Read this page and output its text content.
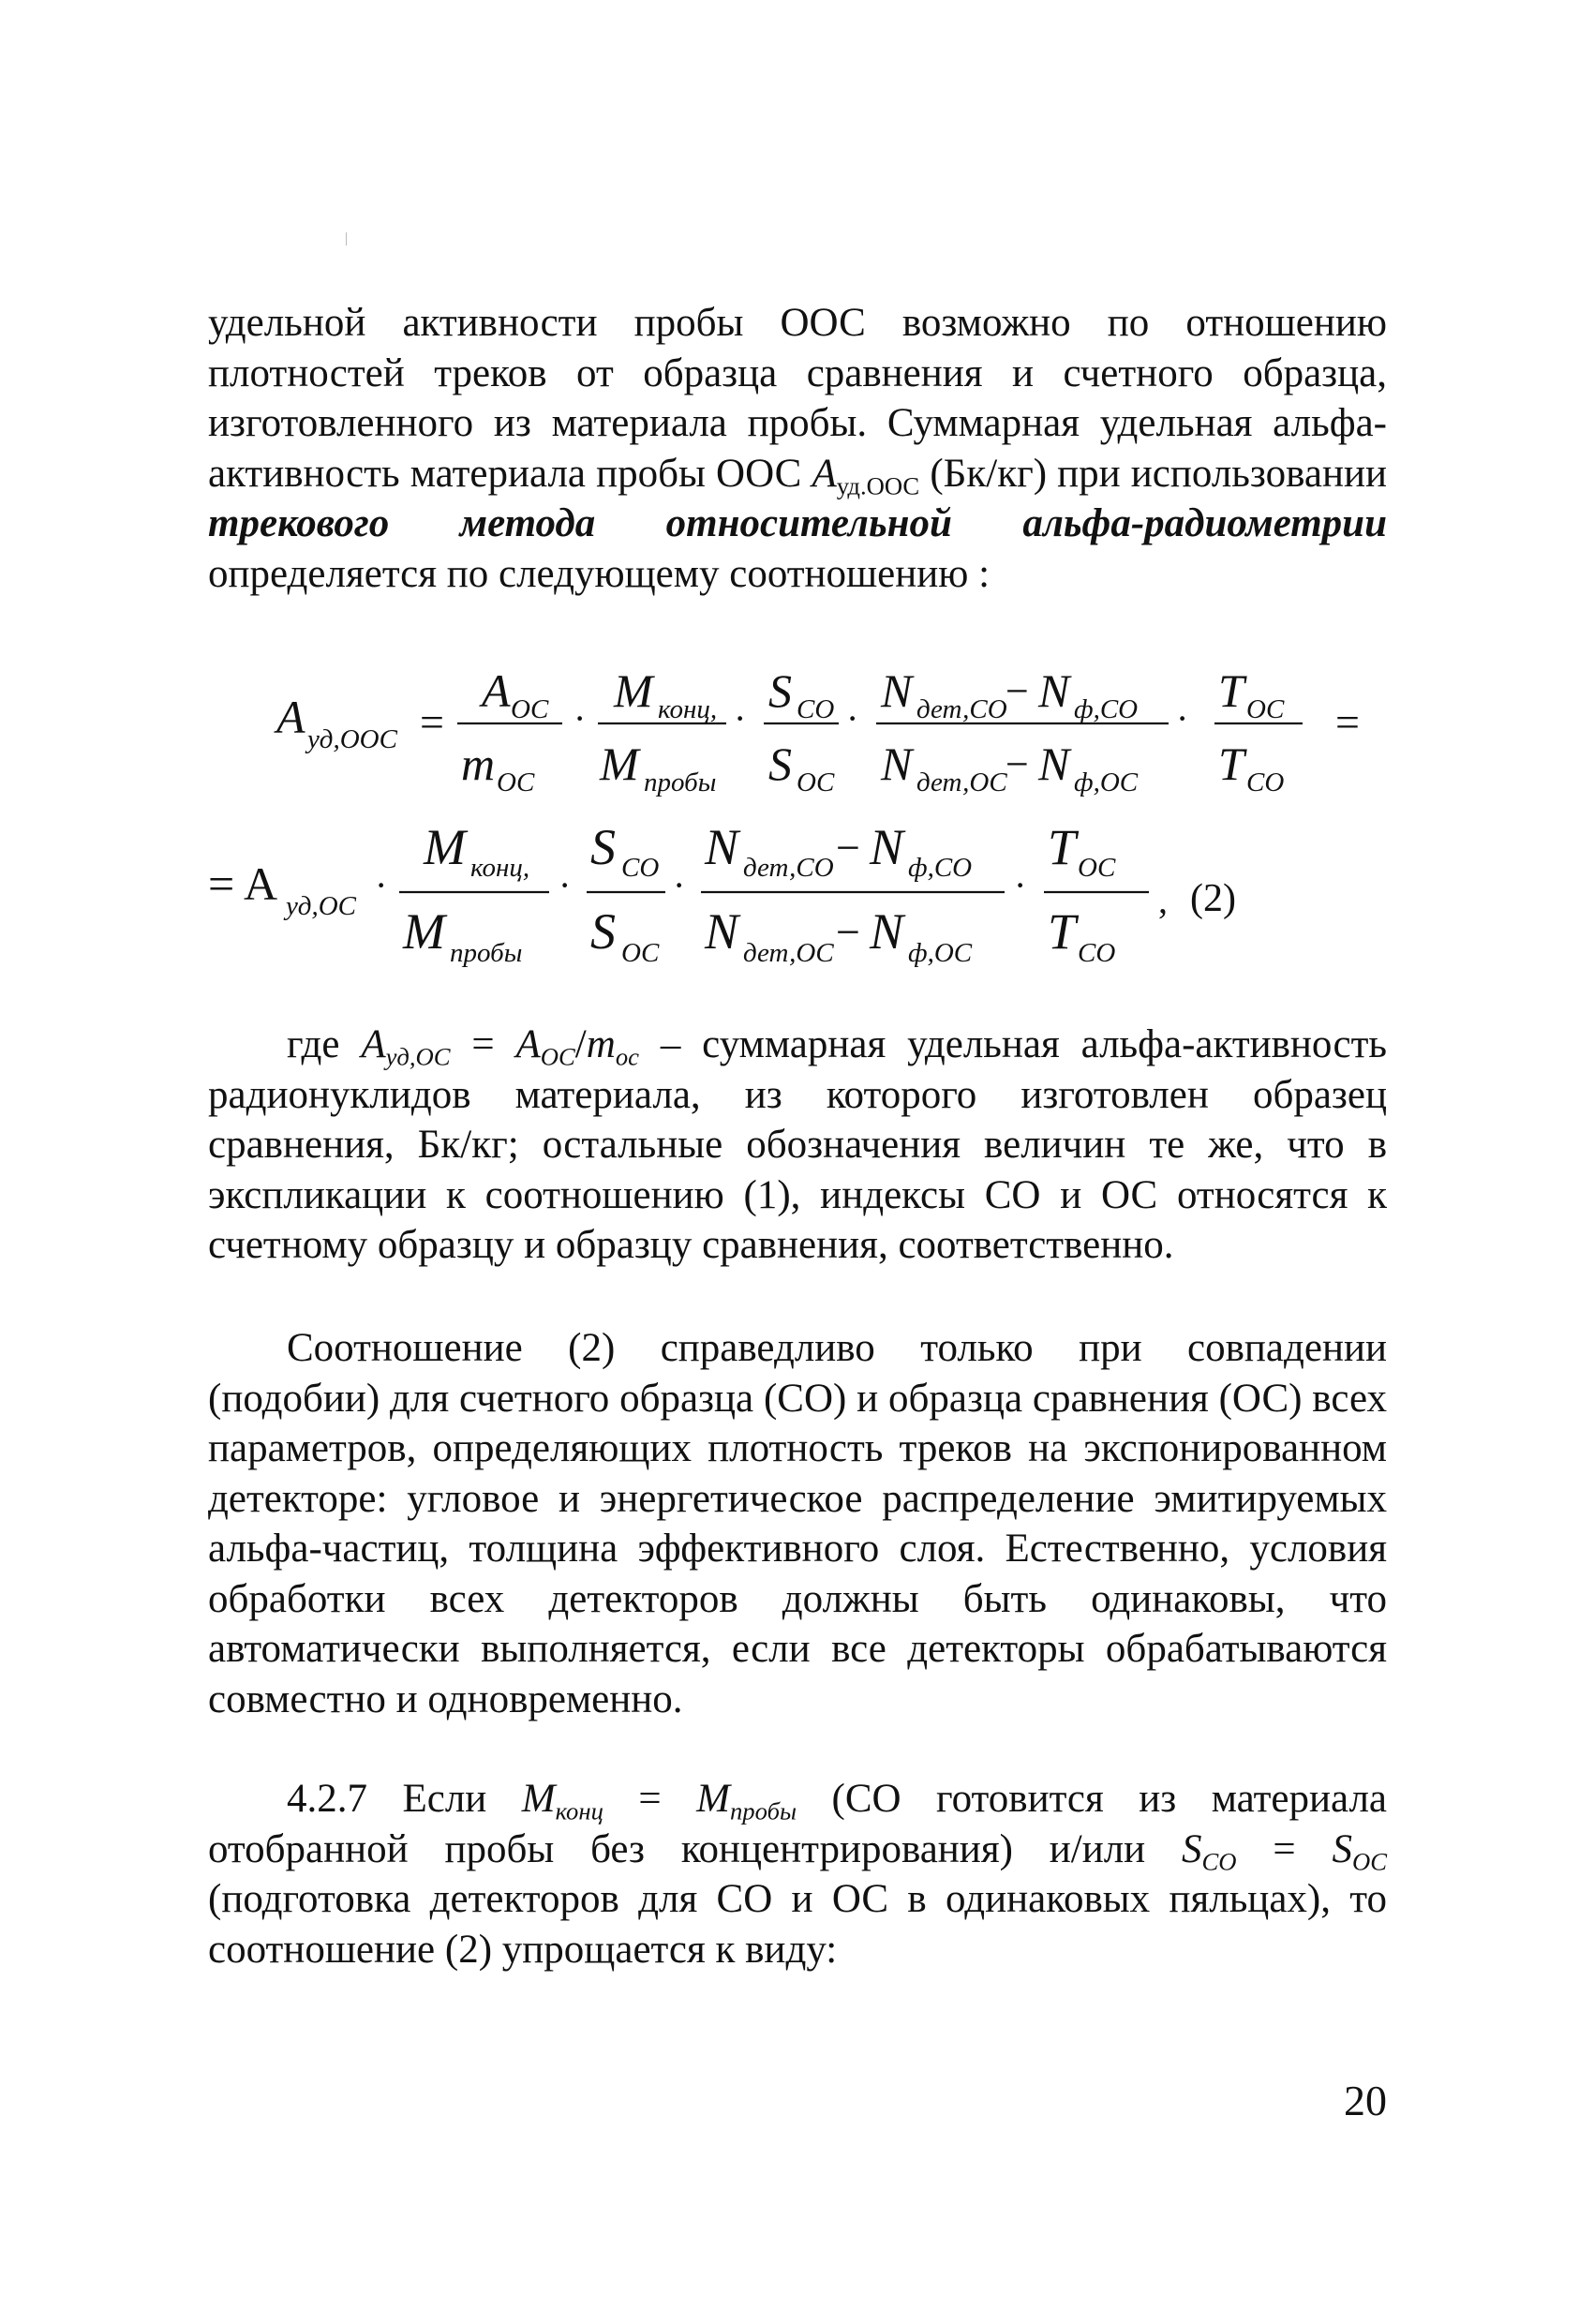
удельной активности пробы ООС возможно по отношению плотностей треков от образца сравнения и счетного образца, изготовленного из материала пробы. Суммарная удельная альфа-активность материала пробы ООС $A_{уд.ООС}$ (Бк/кг) при использовании трекового метода относительной альфа-радиометрии определяется по следующему соотношению :

A уд,ООС =
A ОС
m ОС
·
M конц,
M пробы
·
S СО
S ОС
·
N дет,СО
− N ф,СО
N дет,ОС
− N ф,ОС
·
T ОС
T СО
=
= A уд,ОС ·
M конц,
M пробы
·
S СО
S ОС
·
N дет,СО − N ф,СО
N дет,ОС − N ф,ОС
·
T ОС
T СО
, (2)

где $A_{уд,ОС} = A_{ОС}/m_{ос}$ – суммарная удельная альфа-активность радионуклидов материала, из которого изготовлен образец сравнения, Бк/кг; остальные обозначения величин те же, что в экспликации к соотношению (1), индексы СО и ОС относятся к счетному образцу и образцу сравнения, соответственно.

Соотношение (2) справедливо только при совпадении (подобии) для счетного образца (СО) и образца сравнения (ОС) всех параметров, определяющих плотность треков на экспонированном детекторе: угловое и энергетическое распределение эмитируемых альфа-частиц, толщина эффективного слоя. Естественно, условия обработки всех детекторов должны быть одинаковы, что автоматически выполняется, если все детекторы обрабатываются совместно и одновременно.

4.2.7 Если $M_{конц} = M_{пробы}$ (СО готовится из материала отобранной пробы без концентрирования) и/или $S_{СО} = S_{ОС}$ (подготовка детекторов для СО и ОС в одинаковых пяльцах), то соотношение (2) упрощается к виду:

20
